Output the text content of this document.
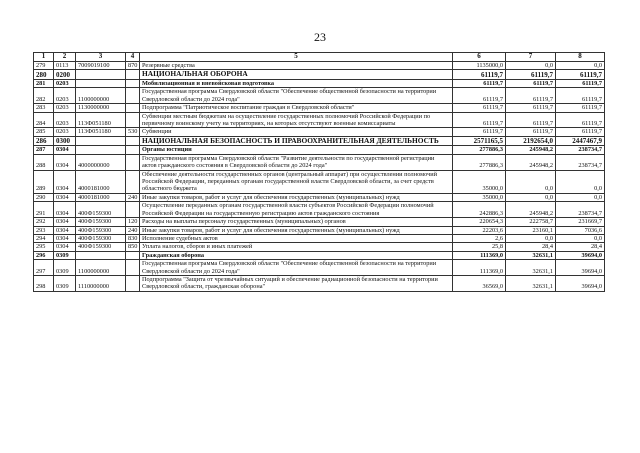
23
1	2	3	4	5	6	7	8
279	0113	7009019100	870	Резервные средства	1135000,0	0,0	0,0
280	0200			НАЦИОНАЛЬНАЯ ОБОРОНА	61119,7	61119,7	61119,7
281	0203			Мобилизационная и вневойсковая подготовка	61119,7	61119,7	61119,7
282	0203	1100000000		Государственная программа Свердловской области "Обеспечение общественной безопасности на территории Свердловской области до 2024 года"	61119,7	61119,7	61119,7
283	0203	1130000000		Подпрограмма "Патриотическое воспитание граждан в Свердловской области"	61119,7	61119,7	61119,7
284	0203	113Ф051180		Субвенции местным бюджетам на осуществление государственных полномочий Российской Федерации по первичному воинскому учету на территориях, на которых отсутствуют военные комиссариаты	61119,7	61119,7	61119,7
285	0203	113Ф051180	530	Субвенции	61119,7	61119,7	61119,7
286	0300			НАЦИОНАЛЬНАЯ БЕЗОПАСНОСТЬ И ПРАВООХРАНИТЕЛЬНАЯ ДЕЯТЕЛЬНОСТЬ	2571165,5	2192654,0	2447467,9
287	0304			Органы юстиции	277886,3	245948,2	238734,7
288	0304	4000000000		Государственная программа Свердловской области "Развитие деятельности по государственной регистрации актов гражданского состояния в Свердловской области до 2024 года"	277886,3	245948,2	238734,7
289	0304	4000181000		Обеспечение деятельности государственных органов (центральный аппарат) при осуществлении полномочий Российской Федерации, переданных органам государственной власти Свердловской области, за счет средств областного бюджета	35000,0	0,0	0,0
290	0304	4000181000	240	Иные закупки товаров, работ и услуг для обеспечения государственных (муниципальных) нужд	35000,0	0,0	0,0
291	0304	400Ф159300		Осуществление переданных органам государственной власти субъектов Российской Федерации полномочий Российской Федерации на государственную регистрацию актов гражданского состояния	242886,3	245948,2	238734,7
292	0304	400Ф159300	120	Расходы на выплаты персоналу государственных (муниципальных) органов	220654,3	222758,7	231669,7
293	0304	400Ф159300	240	Иные закупки товаров, работ и услуг для обеспечения государственных (муниципальных) нужд	22203,6	23160,1	7036,6
294	0304	400Ф159300	830	Исполнение судебных актов	2,6	0,0	0,0
295	0304	400Ф159300	850	Уплата налогов, сборов и иных платежей	25,8	28,4	28,4
296	0309			Гражданская оборона	111369,0	32631,1	39694,0
297	0309	1100000000		Государственная программа Свердловской области "Обеспечение общественной безопасности на территории Свердловской области до 2024 года"	111369,0	32631,1	39694,0
298	0309	1110000000		Подпрограмма "Защита от чрезвычайных ситуаций и обеспечение радиационной безопасности на территории Свердловской области, гражданская оборона"	36569,0	32631,1	39694,0
